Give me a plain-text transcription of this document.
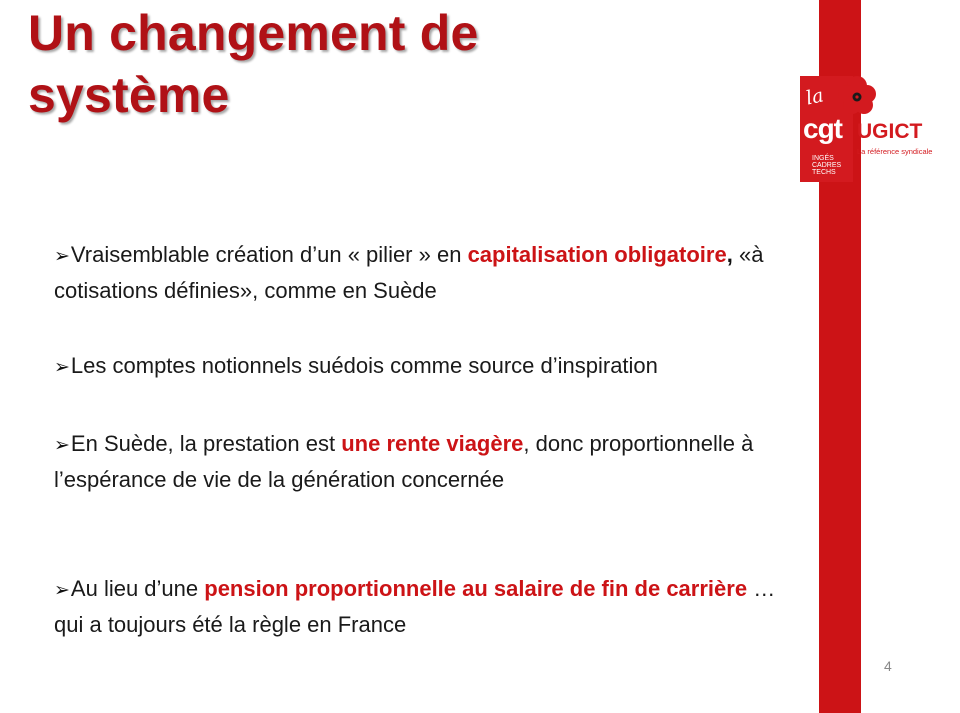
Un changement de
système	la
cgt
INGÉS
CADRES
TECHS
UGICT
La référence syndicale
➢Vraisemblable création d’un « pilier » en capitalisation obligatoire, «à cotisations définies», comme en Suède
➢Les comptes notionnels suédois comme source d’inspiration
➢En Suède, la prestation est une rente viagère, donc proportionnelle à l’espérance de vie de la génération concernée
➢Au lieu d’une pension proportionnelle au salaire de fin de carrière … qui a toujours été la règle en France
4
